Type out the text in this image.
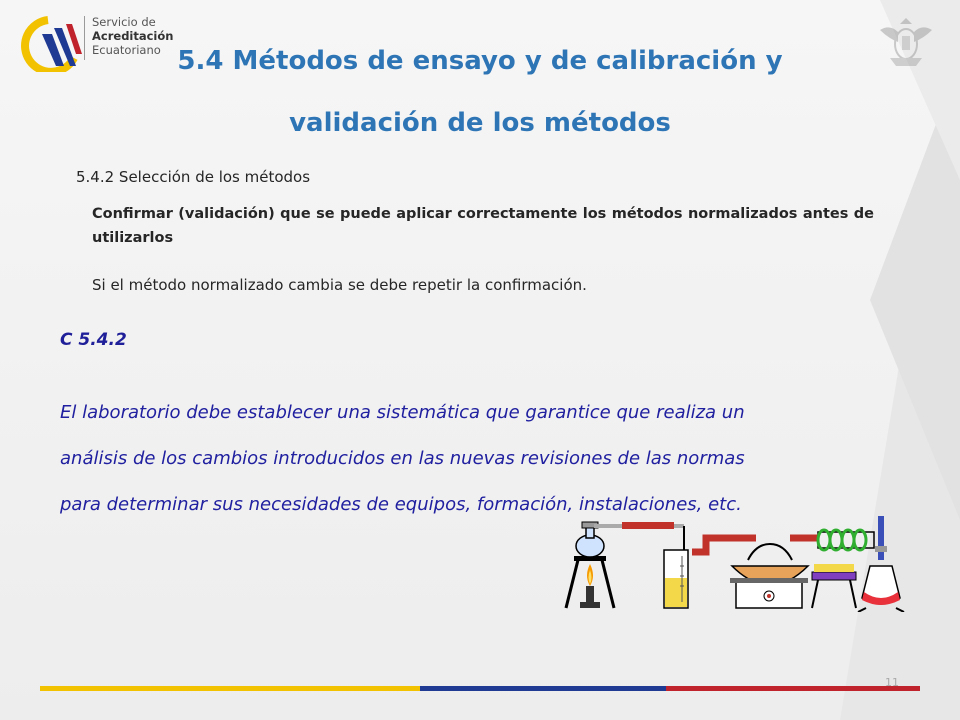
Servicio de
Acreditación
Ecuatoriano 5.4 Métodos de ensayo y de calibración y
validación de los métodos
5.4.2 Selección de los métodos
Confirmar (validación) que se puede aplicar correctamente los métodos normalizados antes de utilizarlos
Si el método normalizado cambia se debe repetir la confirmación.
C 5.4.2
El laboratorio debe establecer una sistemática que garantice que realiza un
análisis de los cambios introducidos en las nuevas revisiones de las normas
para determinar sus necesidades de equipos, formación, instalaciones, etc.
11
